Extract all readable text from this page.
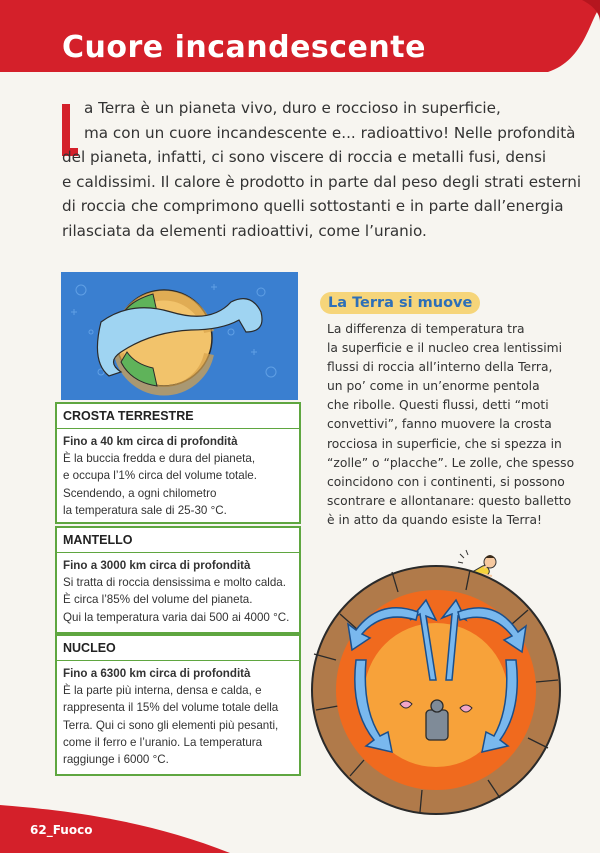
Cuore incandescente
a Terra è un pianeta vivo, duro e roccioso in superficie,
ma con un cuore incandescente e... radioattivo! Nelle profondità
del pianeta, infatti, ci sono viscere di roccia e metalli fusi, densi
e caldissimi. Il calore è prodotto in parte dal peso degli strati esterni
di roccia che comprimono quelli sottostanti e in parte dall’energia
rilasciata da elementi radioattivi, come l’uranio.
CROSTA TERRESTRE
Fino a 40 km circa di profondità
È la buccia fredda e dura del pianeta,
e occupa l’1% circa del volume totale.
Scendendo, a ogni chilometro
la temperatura sale di 25-30 °C.
MANTELLO
Fino a 3000 km circa di profondità
Si tratta di roccia densissima e molto calda.
È circa l’85% del volume del pianeta.
Qui la temperatura varia dai 500 ai 4000 °C.
NUCLEO
Fino a 6300 km circa di profondità
È la parte più interna, densa e calda, e
rappresenta il 15% del volume totale della
Terra. Qui ci sono gli elementi più pesanti,
come il ferro e l’uranio. La temperatura
raggiunge i 6000 °C.
La Terra si muove
La differenza di temperatura tra
la superficie e il nucleo crea lentissimi
flussi di roccia all’interno della Terra,
un po’ come in un’enorme pentola
che ribolle. Questi flussi, detti “moti
convettivi”, fanno muovere la crosta
rocciosa in superficie, che si spezza in
“zolle” o “placche”. Le zolle, che spesso
coincidono con i continenti, si possono
scontrare e allontanare: questo balletto
è in atto da quando esiste la Terra!

62_Fuoco
